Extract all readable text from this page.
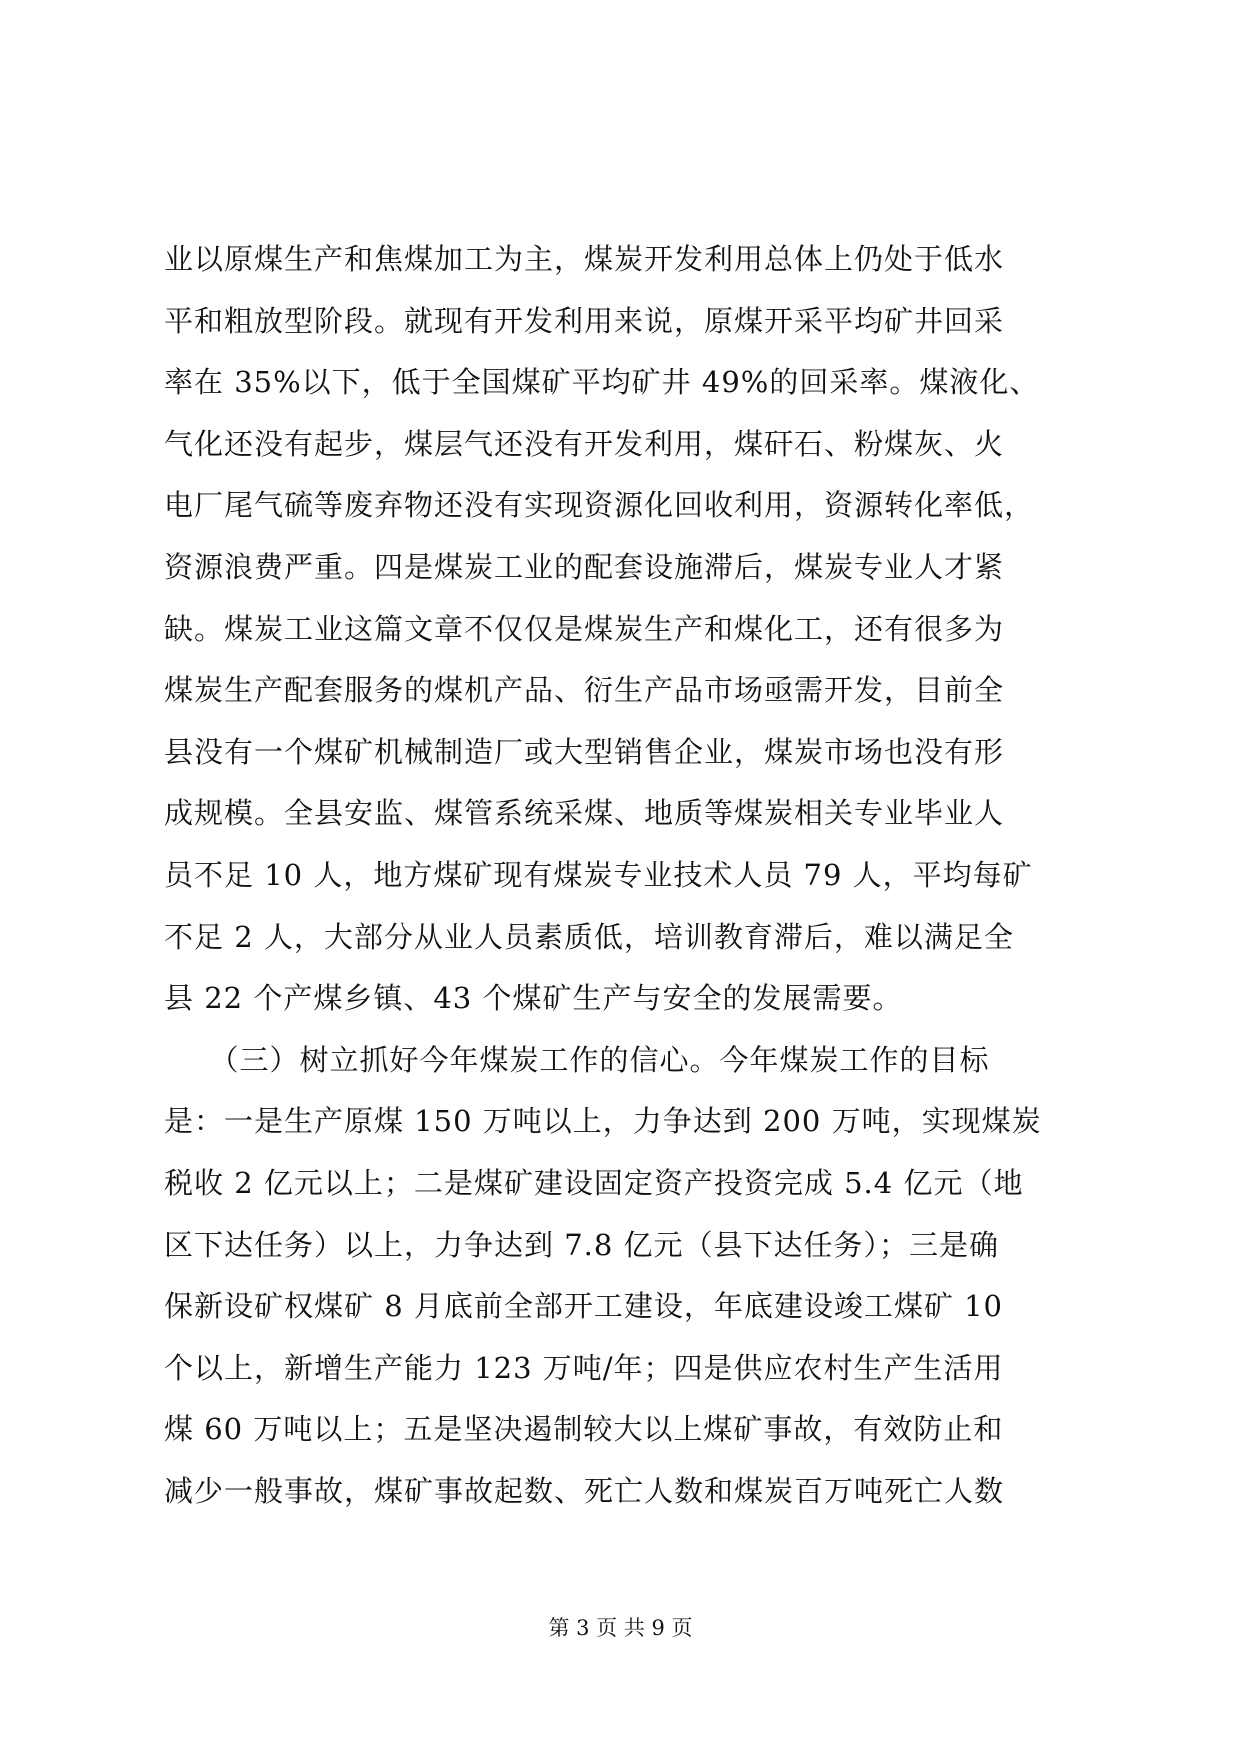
业以原煤生产和焦煤加工为主，煤炭开发利用总体上仍处于低水
平和粗放型阶段。就现有开发利用来说，原煤开采平均矿井回采
率在 35%以下，低于全国煤矿平均矿井 49%的回采率。煤液化、
气化还没有起步，煤层气还没有开发利用，煤矸石、粉煤灰、火
电厂尾气硫等废弃物还没有实现资源化回收利用，资源转化率低，
资源浪费严重。四是煤炭工业的配套设施滞后，煤炭专业人才紧
缺。煤炭工业这篇文章不仅仅是煤炭生产和煤化工，还有很多为
煤炭生产配套服务的煤机产品、衍生产品市场亟需开发，目前全
县没有一个煤矿机械制造厂或大型销售企业，煤炭市场也没有形
成规模。全县安监、煤管系统采煤、地质等煤炭相关专业毕业人
员不足 10 人，地方煤矿现有煤炭专业技术人员 79 人，平均每矿
不足 2 人，大部分从业人员素质低，培训教育滞后，难以满足全
县 22 个产煤乡镇、43 个煤矿生产与安全的发展需要。
　　（三）树立抓好今年煤炭工作的信心。今年煤炭工作的目标
是：一是生产原煤 150 万吨以上，力争达到 200 万吨，实现煤炭
税收 2 亿元以上；二是煤矿建设固定资产投资完成 5.4 亿元（地
区下达任务）以上，力争达到 7.8 亿元（县下达任务）；三是确
保新设矿权煤矿 8 月底前全部开工建设，年底建设竣工煤矿 10
个以上，新增生产能力 123 万吨/年；四是供应农村生产生活用
煤 60 万吨以上；五是坚决遏制较大以上煤矿事故，有效防止和
减少一般事故，煤矿事故起数、死亡人数和煤炭百万吨死亡人数
第 3 页 共 9 页
